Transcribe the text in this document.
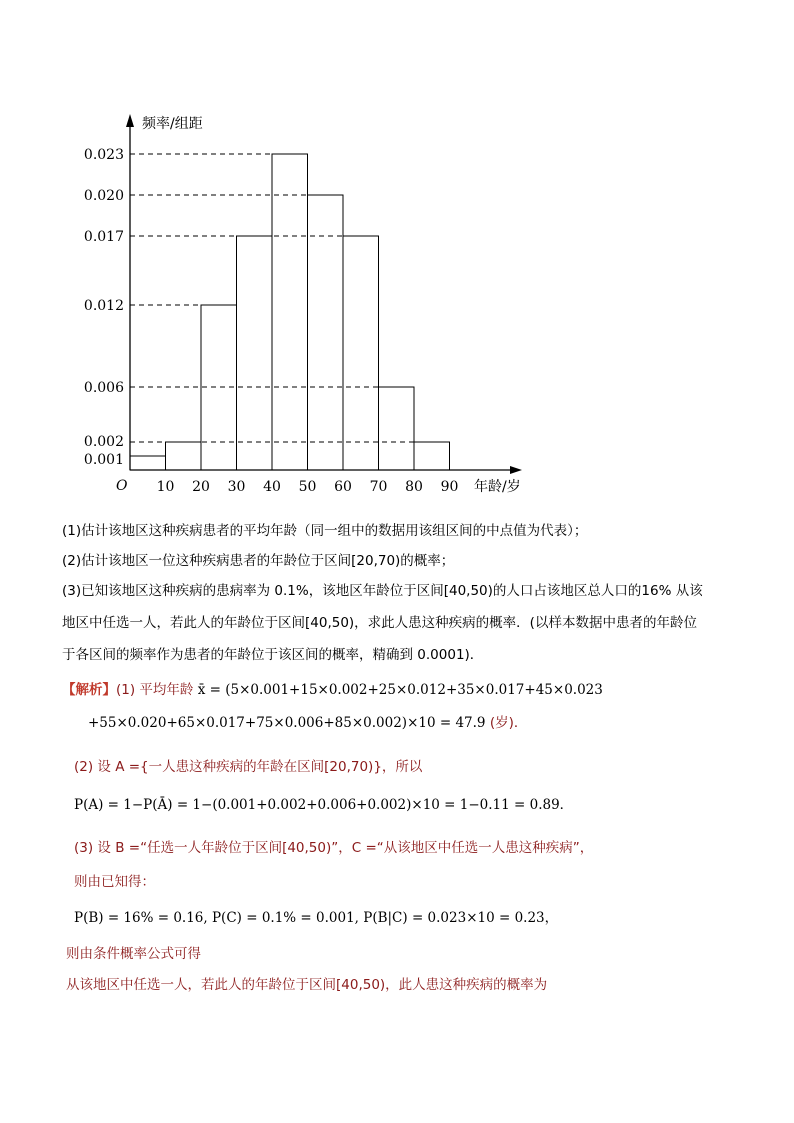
0.023
0.020
0.017
0.012
0.006
0.002
0.001
10 20 30 40 50 60 70 80 90
O
频率/组距
年龄/岁
(1)估计该地区这种疾病患者的平均年龄（同一组中的数据用该组区间的中点值为代表）；
(2)估计该地区一位这种疾病患者的年龄位于区间[20,70)的概率；
(3)已知该地区这种疾病的患病率为 0.1%，该地区年龄位于区间[40,50)的人口占该地区总人口的16% 从该
地区中任选一人，若此人的年龄位于区间[40,50)，求此人患这种疾病的概率．(以样本数据中患者的年龄位
于各区间的频率作为患者的年龄位于该区间的概率，精确到 0.0001)．
【解析】(1) 平均年龄 x̄ = (5×0.001+15×0.002+25×0.012+35×0.017+45×0.023
+55×0.020+65×0.017+75×0.006+85×0.002)×10 = 47.9 (岁)．
(2) 设 A ={一人患这种疾病的年龄在区间[20,70)}，所以
P(A) = 1−P(Ā) = 1−(0.001+0.002+0.006+0.002)×10 = 1−0.11 = 0.89．
(3) 设 B =“任选一人年龄位于区间[40,50)”，C =“从该地区中任选一人患这种疾病”，
则由已知得：
P(B) = 16% = 0.16, P(C) = 0.1% = 0.001, P(B|C) = 0.023×10 = 0.23，
则由条件概率公式可得
从该地区中任选一人，若此人的年龄位于区间[40,50)，此人患这种疾病的概率为
